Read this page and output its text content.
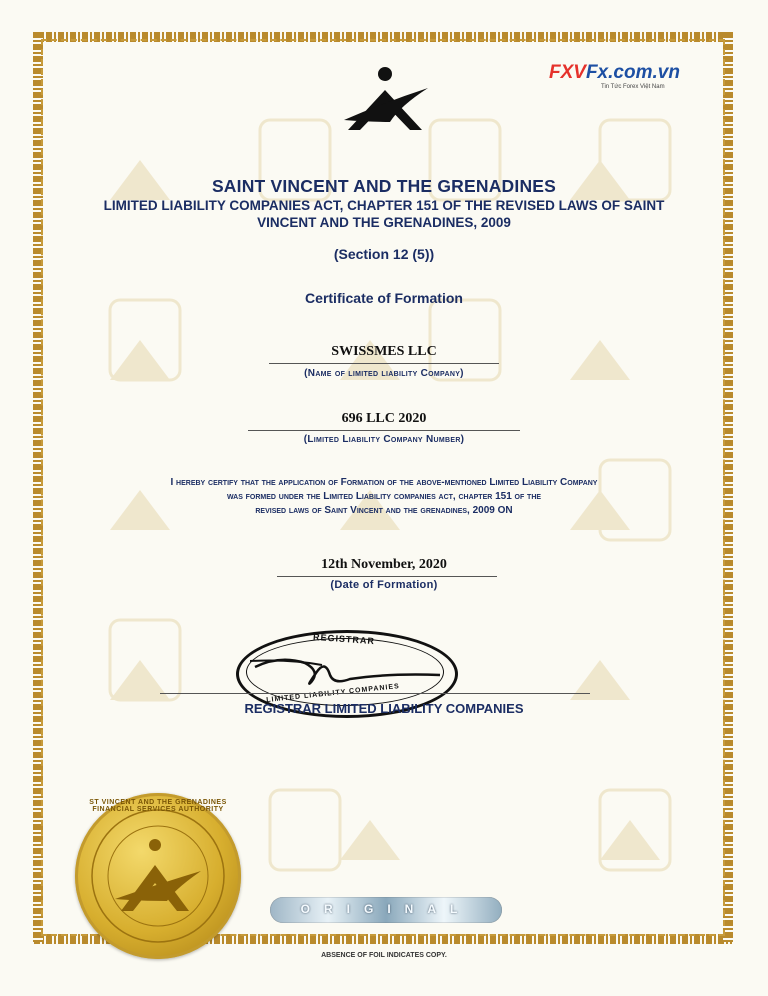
FXVFx.com.vn
Tin Tức Forex Việt Nam
SAINT VINCENT AND THE GRENADINES
LIMITED LIABILITY COMPANIES ACT, CHAPTER 151 OF THE REVISED LAWS OF SAINT
VINCENT AND THE GRENADINES, 2009
(Section 12 (5))
Certificate of Formation
SWISSMES LLC
(Name of limited liability Company)
696 LLC 2020
(Limited Liability Company Number)
I hereby certify that the application of Formation of the above-mentioned Limited Liability Company
was formed under the Limited Liability companies act, chapter 151 of the
revised laws of Saint Vincent and the grenadines, 2009 ON
12th November, 2020
(Date of Formation)
REGISTRAR
LIMITED LIABILITY COMPANIES
REGISTRAR LIMITED LIABILITY COMPANIES
ST VINCENT AND THE GRENADINES FINANCIAL SERVICES AUTHORITY
ORIGINAL
ABSENCE OF FOIL INDICATES COPY.
